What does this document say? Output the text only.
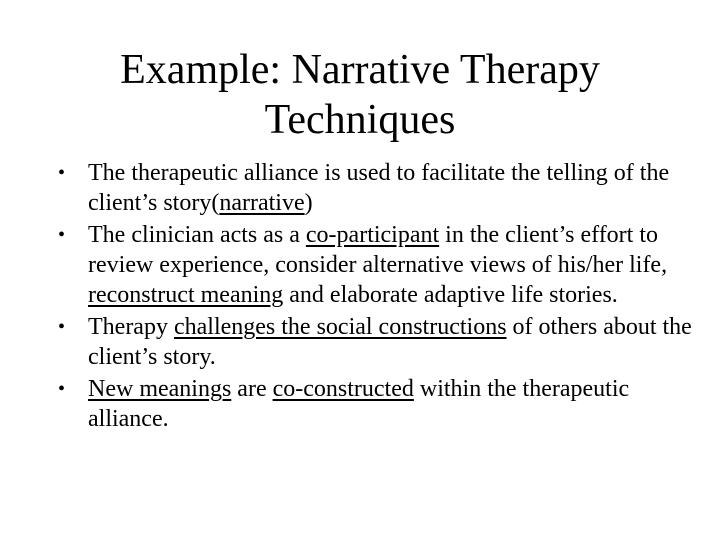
Example: Narrative Therapy
Techniques
• The therapeutic alliance is used to facilitate the telling of the client’s story(narrative)
• The clinician acts as a co-participant in the client’s effort to review experience, consider alternative views of his/her life, reconstruct meaning and elaborate adaptive life stories.
• Therapy challenges the social constructions of others about the client’s story.
• New meanings are co-constructed within the therapeutic alliance.
